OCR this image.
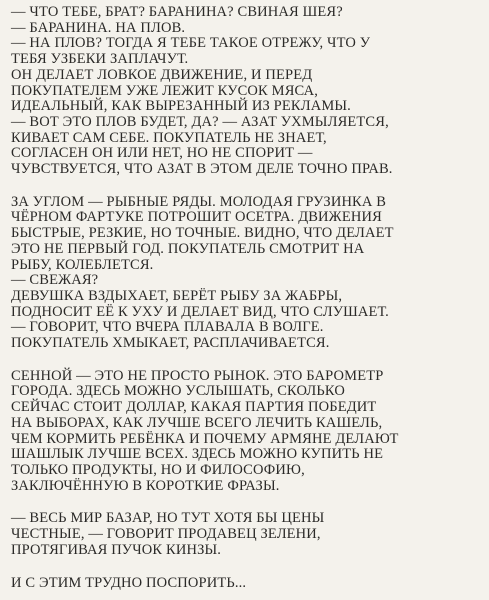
— ЧТО ТЕБЕ, БРАТ? БАРАНИНА? СВИНАЯ ШЕЯ?
— БАРАНИНА. НА ПЛОВ.
— НА ПЛОВ? ТОГДА Я ТЕБЕ ТАКОЕ ОТРЕЖУ, ЧТО У
ТЕБЯ УЗБЕКИ ЗАПЛАЧУТ.
ОН ДЕЛАЕТ ЛОВКОЕ ДВИЖЕНИЕ, И ПЕРЕД
ПОКУПАТЕЛЕМ УЖЕ ЛЕЖИТ КУСОК МЯСА,
ИДЕАЛЬНЫЙ, КАК ВЫРЕЗАННЫЙ ИЗ РЕКЛАМЫ.
— ВОТ ЭТО ПЛОВ БУДЕТ, ДА? — АЗАТ УХМЫЛЯЕТСЯ,
КИВАЕТ САМ СЕБЕ. ПОКУПАТЕЛЬ НЕ ЗНАЕТ,
СОГЛАСЕН ОН ИЛИ НЕТ, НО НЕ СПОРИТ —
ЧУВСТВУЕТСЯ, ЧТО АЗАТ В ЭТОМ ДЕЛЕ ТОЧНО ПРАВ.
ЗА УГЛОМ — РЫБНЫЕ РЯДЫ. МОЛОДАЯ ГРУЗИНКА В
ЧЁРНОМ ФАРТУКЕ ПОТРОШИТ ОСЕТРА. ДВИЖЕНИЯ
БЫСТРЫЕ, РЕЗКИЕ, НО ТОЧНЫЕ. ВИДНО, ЧТО ДЕЛАЕТ
ЭТО НЕ ПЕРВЫЙ ГОД. ПОКУПАТЕЛЬ СМОТРИТ НА
РЫБУ, КОЛЕБЛЕТСЯ.
— СВЕЖАЯ?
ДЕВУШКА ВЗДЫХАЕТ, БЕРЁТ РЫБУ ЗА ЖАБРЫ,
ПОДНОСИТ ЕЁ К УХУ И ДЕЛАЕТ ВИД, ЧТО СЛУШАЕТ.
— ГОВОРИТ, ЧТО ВЧЕРА ПЛАВАЛА В ВОЛГЕ.
ПОКУПАТЕЛЬ ХМЫКАЕТ, РАСПЛАЧИВАЕТСЯ.
СЕННОЙ — ЭТО НЕ ПРОСТО РЫНОК. ЭТО БАРОМЕТР
ГОРОДА. ЗДЕСЬ МОЖНО УСЛЫШАТЬ, СКОЛЬКО
СЕЙЧАС СТОИТ ДОЛЛАР, КАКАЯ ПАРТИЯ ПОБЕДИТ
НА ВЫБОРАХ, КАК ЛУЧШЕ ВСЕГО ЛЕЧИТЬ КАШЕЛЬ,
ЧЕМ КОРМИТЬ РЕБЁНКА И ПОЧЕМУ АРМЯНЕ ДЕЛАЮТ
ШАШЛЫК ЛУЧШЕ ВСЕХ. ЗДЕСЬ МОЖНО КУПИТЬ НЕ
ТОЛЬКО ПРОДУКТЫ, НО И ФИЛОСОФИЮ,
ЗАКЛЮЧЁННУЮ В КОРОТКИЕ ФРАЗЫ.
— ВЕСЬ МИР БАЗАР, НО ТУТ ХОТЯ БЫ ЦЕНЫ
ЧЕСТНЫЕ, — ГОВОРИТ ПРОДАВЕЦ ЗЕЛЕНИ,
ПРОТЯГИВАЯ ПУЧОК КИНЗЫ.
И С ЭТИМ ТРУДНО ПОСПОРИТЬ...
